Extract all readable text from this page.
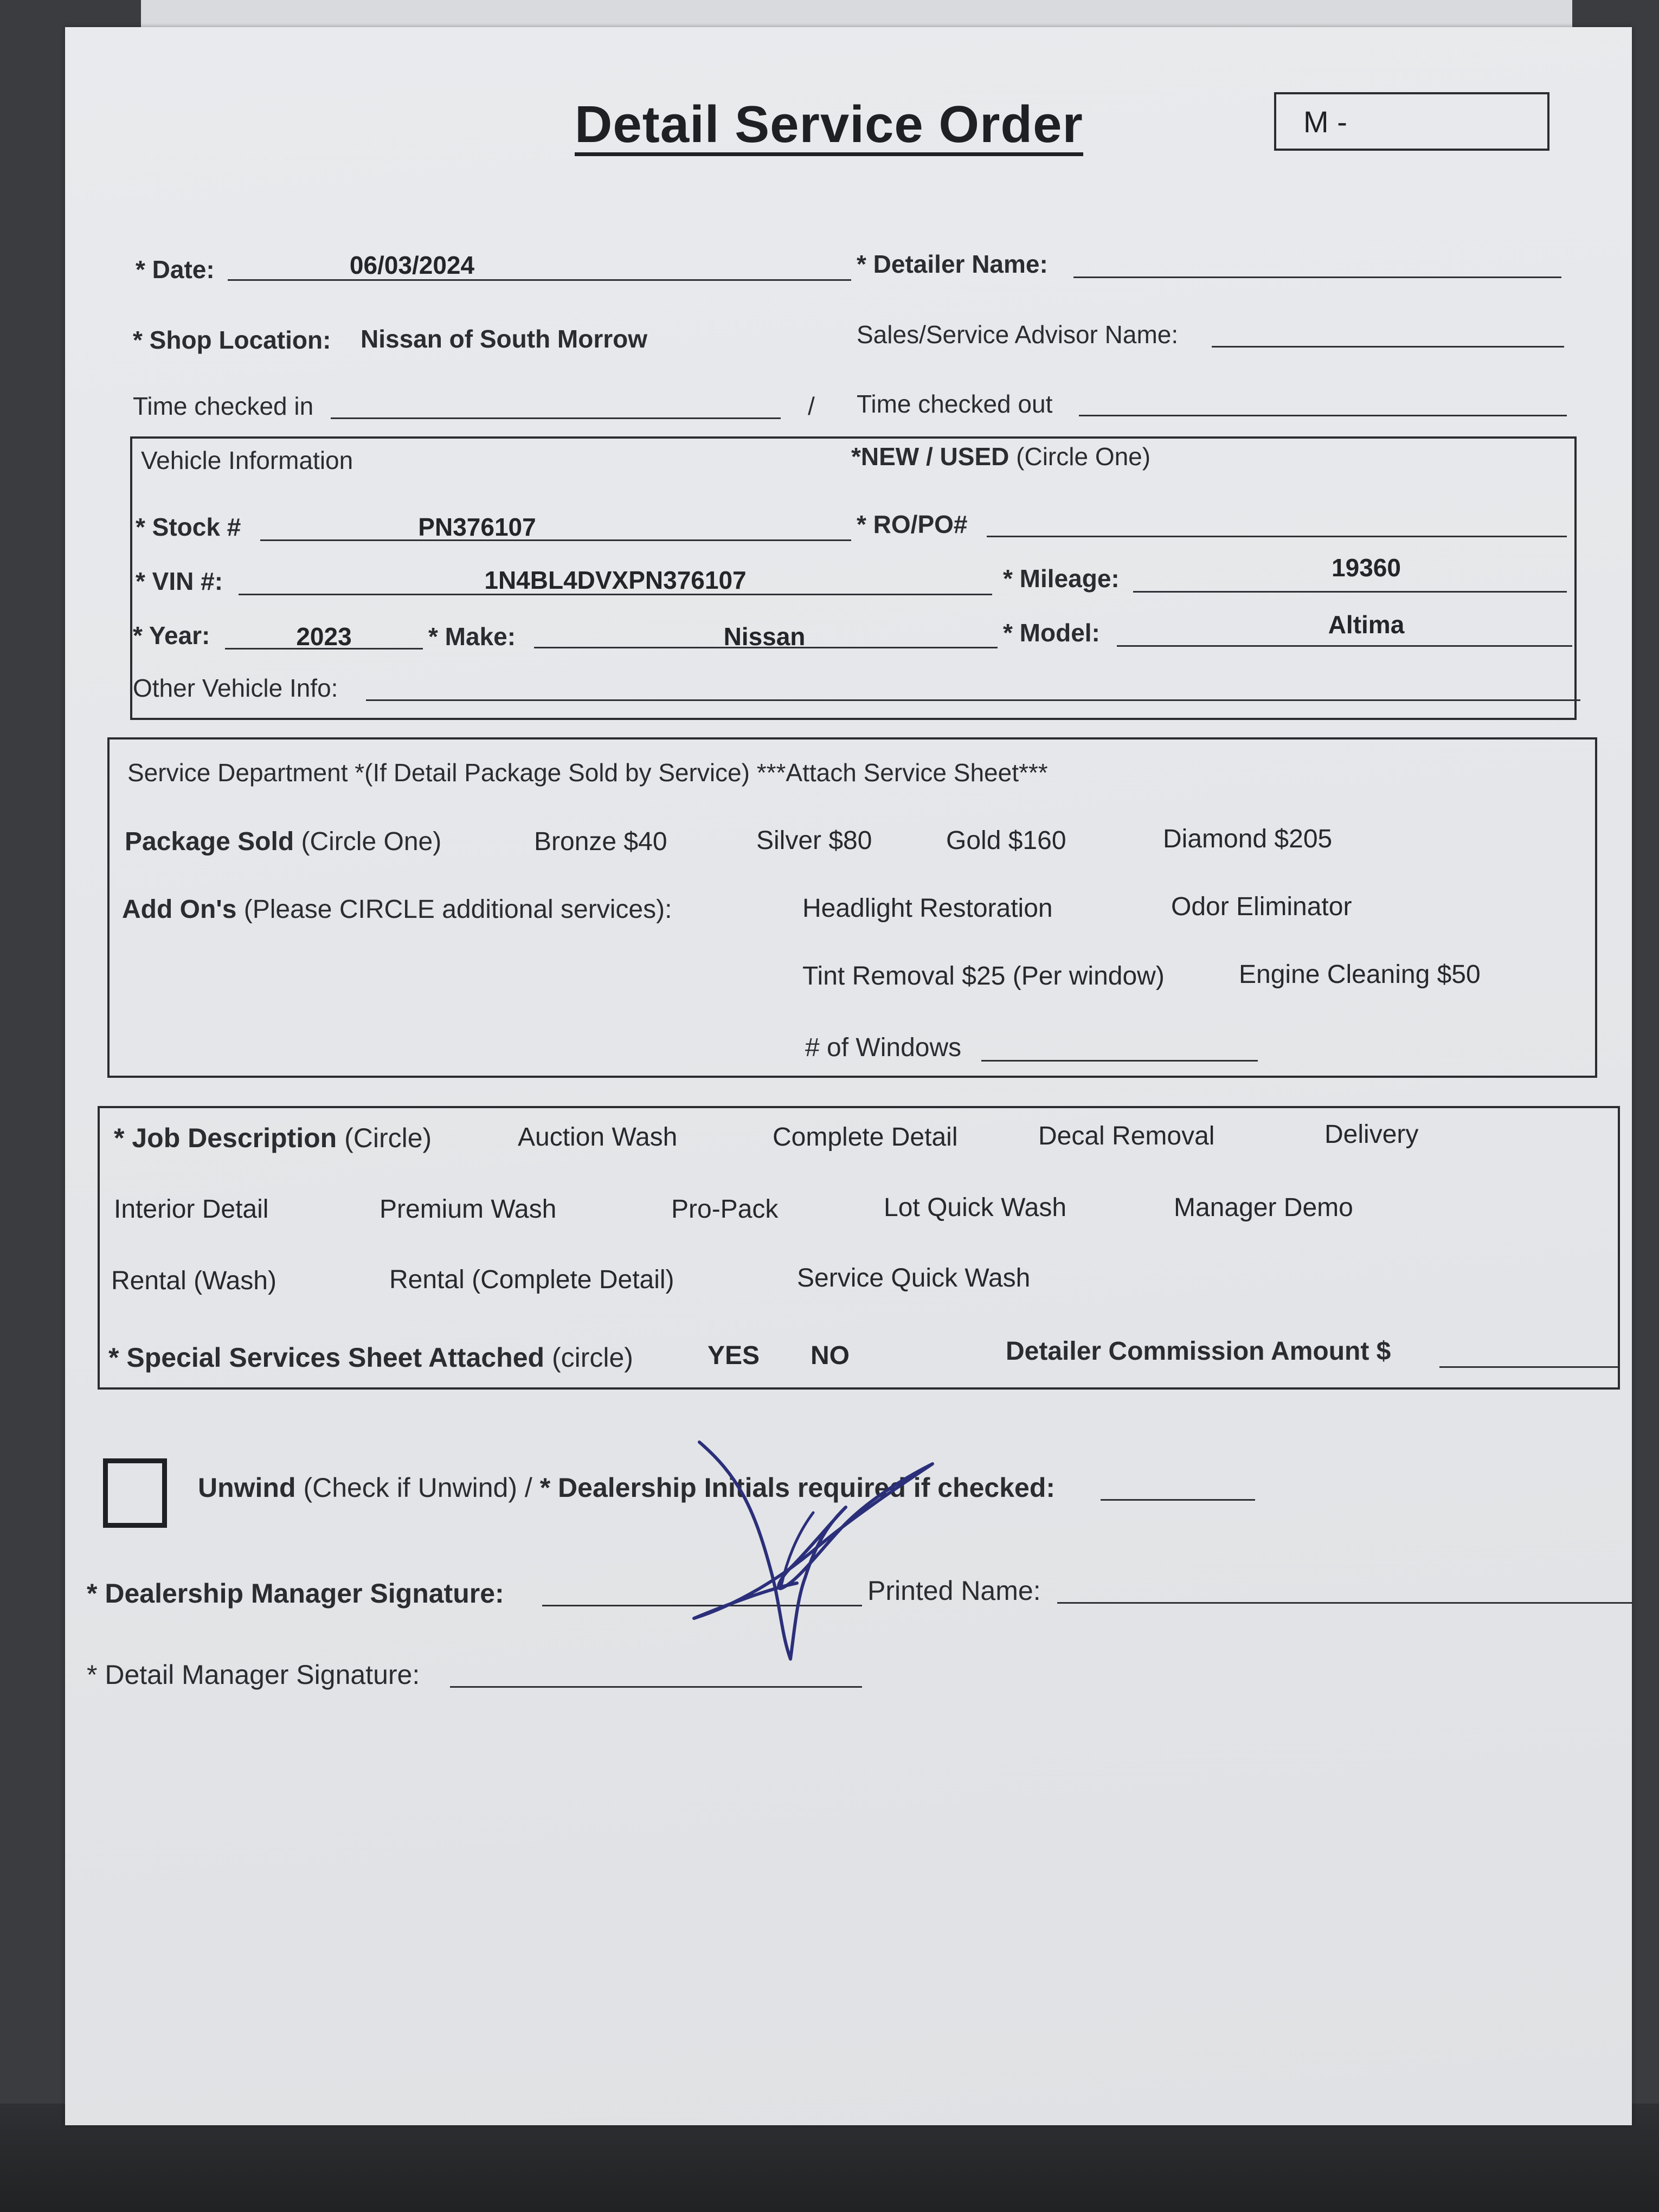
Detail Service Order	M -
* Date:	06/03/2024	* Detailer Name:
* Shop Location: Nissan of South Morrow	Sales/Service Advisor Name:
Time checked in	/ Time checked out
Vehicle Information	*NEW / USED (Circle One)
* Stock #	PN376107	* RO/PO#
* VIN #:	1N4BL4DVXPN376107	* Mileage:	19360
* Year:	2023	* Make:	Nissan	* Model:	Altima
Other Vehicle Info:
Service Department *(If Detail Package Sold by Service) ***Attach Service Sheet***
Package Sold (Circle One)	Bronze $40	Silver $80	Gold $160	Diamond $205
Add On's (Please CIRCLE additional services):	Headlight Restoration	Odor Eliminator
Tint Removal $25 (Per window)	Engine Cleaning $50
# of Windows
* Job Description (Circle)	Auction Wash	Complete Detail	Decal Removal	Delivery
Interior Detail	Premium Wash	Pro-Pack	Lot Quick Wash	Manager Demo
Rental (Wash)	Rental (Complete Detail)	Service Quick Wash
* Special Services Sheet Attached (circle)	YES NO	Detailer Commission Amount $
Unwind (Check if Unwind) / * Dealership Initials required if checked:
* Dealership Manager Signature:	Printed Name:
* Detail Manager Signature:
